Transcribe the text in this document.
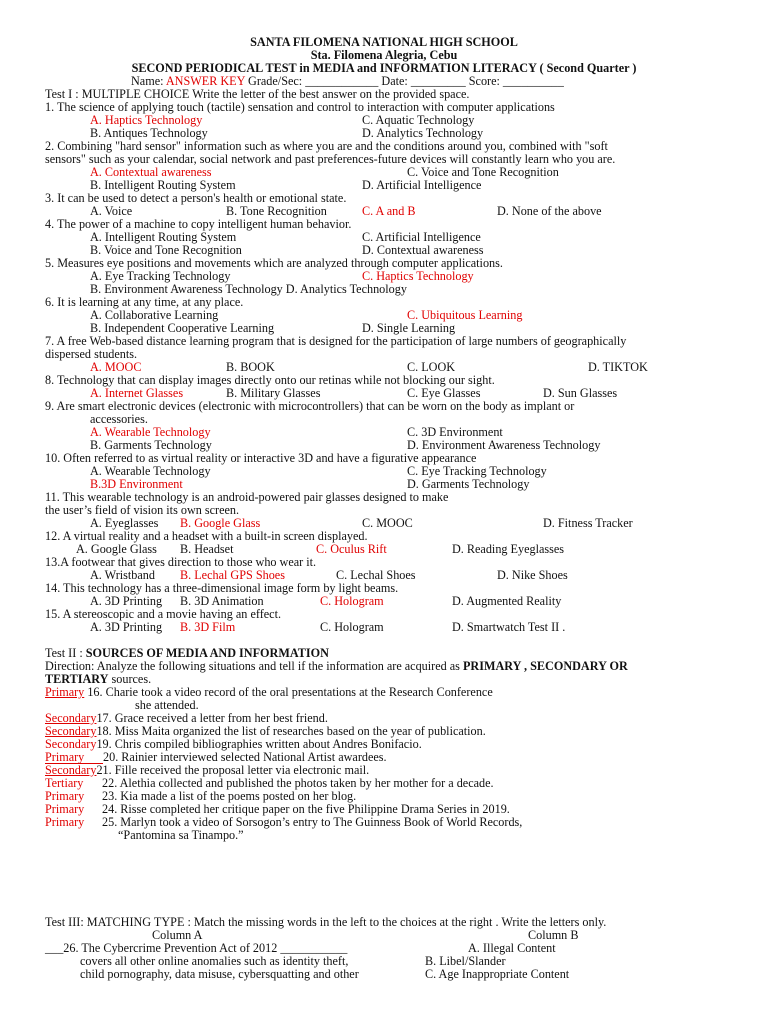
SANTA FILOMENA NATIONAL HIGH SCHOOL
Sta. Filomena Alegria, Cebu
SECOND PERIODICAL TEST in MEDIA and INFORMATION LITERACY ( Second Quarter )
Name: ANSWER KEY Grade/Sec: ____________ Date: _________ Score: __________
Test I : MULTIPLE CHOICE Write the letter of the best answer on the provided space.
1. The science of applying touch (tactile) sensation and control to interaction with computer applications
A. Haptics Technology	C. Aquatic Technology
B. Antiques Technology	D. Analytics Technology
2. Combining "hard sensor" information such as where you are and the conditions around you, combined with "soft
sensors" such as your calendar, social network and past preferences-future devices will constantly learn who you are.
A. Contextual awareness	C. Voice and Tone Recognition
B. Intelligent Routing System	D. Artificial Intelligence
3. It can be used to detect a person's health or emotional state.
A. Voice	B. Tone Recognition	C. A and B	D. None of the above
4. The power of a machine to copy intelligent human behavior.
A. Intelligent Routing System	C. Artificial Intelligence
B. Voice and Tone Recognition	D. Contextual awareness
5. Measures eye positions and movements which are analyzed through computer applications.
A. Eye Tracking Technology	C. Haptics Technology
B. Environment Awareness Technology D. Analytics Technology
6. It is learning at any time, at any place.
A. Collaborative Learning	C. Ubiquitous Learning
B. Independent Cooperative Learning	D. Single Learning
7. A free Web-based distance learning program that is designed for the participation of large numbers of geographically
dispersed students.
A. MOOC	B. BOOK	C. LOOK	D. TIKTOK
8. Technology that can display images directly onto our retinas while not blocking our sight.
A. Internet Glasses	B. Military Glasses	C. Eye Glasses	D. Sun Glasses
9. Are smart electronic devices (electronic with microcontrollers) that can be worn on the body as implant or
accessories.
A. Wearable Technology	C. 3D Environment
B. Garments Technology	D. Environment Awareness Technology
10. Often referred to as virtual reality or interactive 3D and have a figurative appearance
A. Wearable Technology	C. Eye Tracking Technology
B.3D Environment	D. Garments Technology
11. This wearable technology is an android-powered pair glasses designed to make
the user’s field of vision its own screen.
A. Eyeglasses B. Google Glass	C. MOOC	D. Fitness Tracker
12. A virtual reality and a headset with a built-in screen displayed.
A. Google Glass B. Headset	C. Oculus Rift	D. Reading Eyeglasses
13.A footwear that gives direction to those who wear it.
A. Wristband B. Lechal GPS Shoes	C. Lechal Shoes	D. Nike Shoes
14. This technology has a three-dimensional image form by light beams.
A. 3D Printing B. 3D Animation	C. Hologram	D. Augmented Reality
15. A stereoscopic and a movie having an effect.
A. 3D Printing B. 3D Film	C. Hologram	D. Smartwatch Test II .
Test II : SOURCES OF MEDIA AND INFORMATION
Direction: Analyze the following situations and tell if the information are acquired as PRIMARY , SECONDARY OR
TERTIARY sources.
Primary 16. Charie took a video record of the oral presentations at the Research Conference
she attended.
Secondary17. Grace received a letter from her best friend.
Secondary18. Miss Maita organized the list of researches based on the year of publication.
Secondary19. Chris compiled bibliographies written about Andres Bonifacio.
Primary 20. Rainier interviewed selected National Artist awardees.
Secondary21. Fille received the proposal letter via electronic mail.
Tertiary 22. Alethia collected and published the photos taken by her mother for a decade.
Primary 23. Kia made a list of the poems posted on her blog.
Primary 24. Risse completed her critique paper on the five Philippine Drama Series in 2019.
Primary 25. Marlyn took a video of Sorsogon’s entry to The Guinness Book of World Records,
“Pantomina sa Tinampo.”
Test III: MATCHING TYPE : Match the missing words in the left to the choices at the right . Write the letters only.
Column A	Column B
___26. The Cybercrime Prevention Act of 2012 ___________	A. Illegal Content
covers all other online anomalies such as identity theft,	B. Libel/Slander
child pornography, data misuse, cybersquatting and other	C. Age Inappropriate Content
